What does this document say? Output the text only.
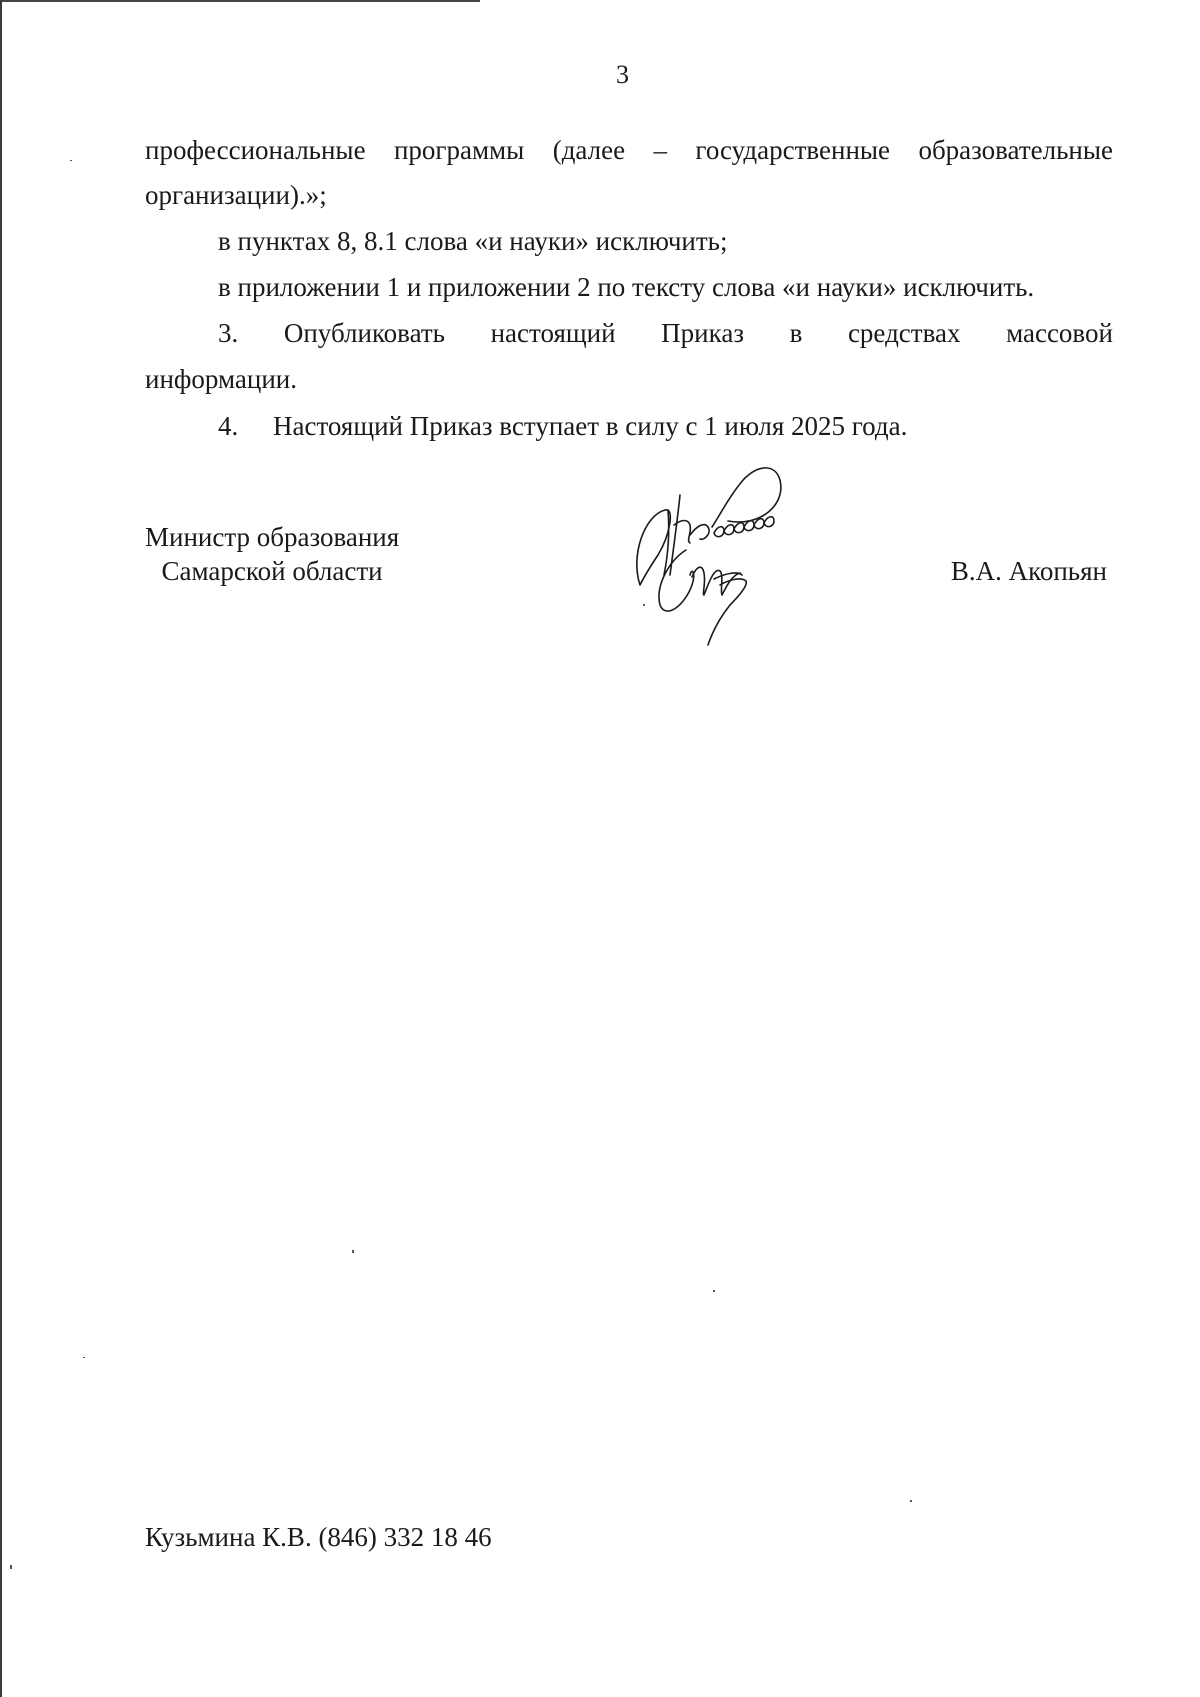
3
профессиональные программы (далее – государственные образовательные
организации).»;
в пунктах 8, 8.1 слова «и науки» исключить;
в приложении 1 и приложении 2 по тексту слова «и науки» исключить.
3. Опубликовать настоящий Приказ в средствах массовой
информации.
4. Настоящий Приказ вступает в силу с 1 июля 2025 года.
Министр образования
Самарской области	В.А. Акопьян
Кузьмина К.В. (846) 332 18 46
